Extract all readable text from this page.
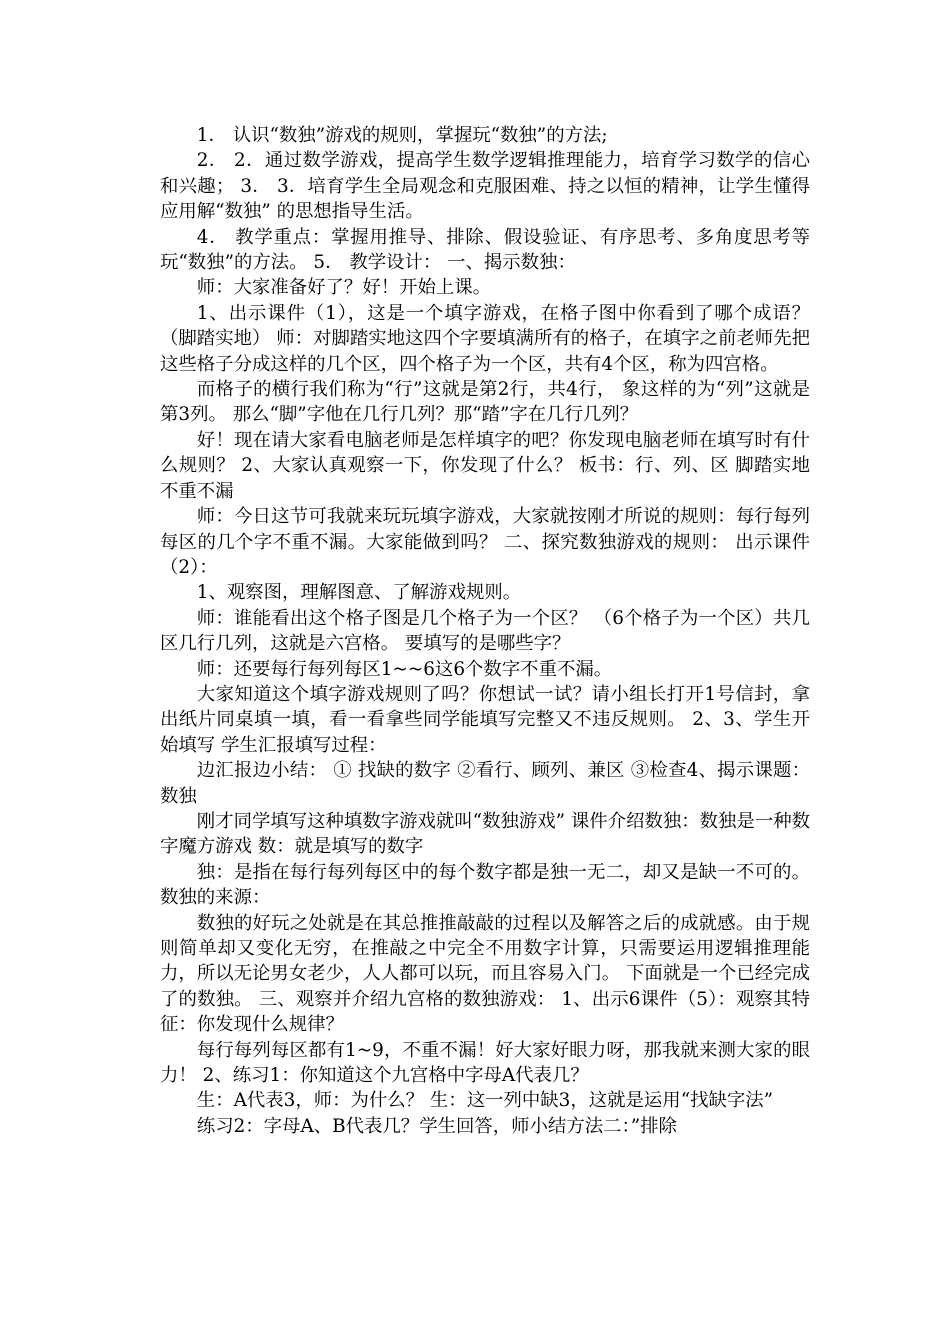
1． 认识“数独”游戏的规则，掌握玩“数独”的方法;

2． 2．通过数学游戏，提高学生数学逻辑推理能力，培育学习数学的信心和兴趣； 3． 3．培育学生全局观念和克服困难、持之以恒的精神，让学生懂得应用解“数独” 的思想指导生活。

4． 教学重点：掌握用推导、排除、假设验证、有序思考、多角度思考等玩“数独”的方法。 5． 教学设计： 一、揭示数独：

师：大家准备好了？好！开始上课。

1、出示课件（1），这是一个填字游戏，在格子图中你看到了哪个成语？（脚踏实地） 师：对脚踏实地这四个字要填满所有的格子，在填字之前老师先把这些格子分成这样的几个区，四个格子为一个区，共有4个区，称为四宫格。

而格子的横行我们称为“行”这就是第2行，共4行， 象这样的为“列”这就是第3列。 那么“脚”字他在几行几列？那“踏”字在几行几列？

好！现在请大家看电脑老师是怎样填字的吧？你发现电脑老师在填写时有什么规则？ 2、大家认真观察一下，你发现了什么？ 板书：行、列、区 脚踏实地 不重不漏

师：今日这节可我就来玩玩填字游戏，大家就按刚才所说的规则：每行每列每区的几个字不重不漏。大家能做到吗？ 二、探究数独游戏的规则： 出示课件（2）：

1、观察图，理解图意、了解游戏规则。

师：谁能看出这个格子图是几个格子为一个区？ （6个格子为一个区）共几区几行几列，这就是六宫格。 要填写的是哪些字？

师：还要每行每列每区1~~6这6个数字不重不漏。

大家知道这个填字游戏规则了吗？你想试一试？请小组长打开1号信封，拿出纸片同桌填一填，看一看拿些同学能填写完整又不违反规则。 2、3、学生开始填写 学生汇报填写过程：

边汇报边小结： ① 找缺的数字 ②看行、顾列、兼区 ③检查4、揭示课题：数独

刚才同学填写这种填数字游戏就叫“数独游戏” 课件介绍数独：数独是一种数字魔方游戏 数：就是填写的数字

独：是指在每行每列每区中的每个数字都是独一无二，却又是缺一不可的。 数独的来源：

数独的好玩之处就是在其总推推敲敲的过程以及解答之后的成就感。由于规则简单却又变化无穷，在推敲之中完全不用数字计算，只需要运用逻辑推理能力，所以无论男女老少，人人都可以玩，而且容易入门。 下面就是一个已经完成了的数独。 三、观察并介绍九宫格的数独游戏： 1、出示6课件（5）：观察其特征：你发现什么规律？

每行每列每区都有1~9，不重不漏！好大家好眼力呀，那我就来测大家的眼力！ 2、练习1：你知道这个九宫格中字母A代表几？

生：A代表3，师：为什么？ 生：这一列中缺3，这就是运用“找缺字法”

练习2：字母A、B代表几？学生回答，师小结方法二：”排除
